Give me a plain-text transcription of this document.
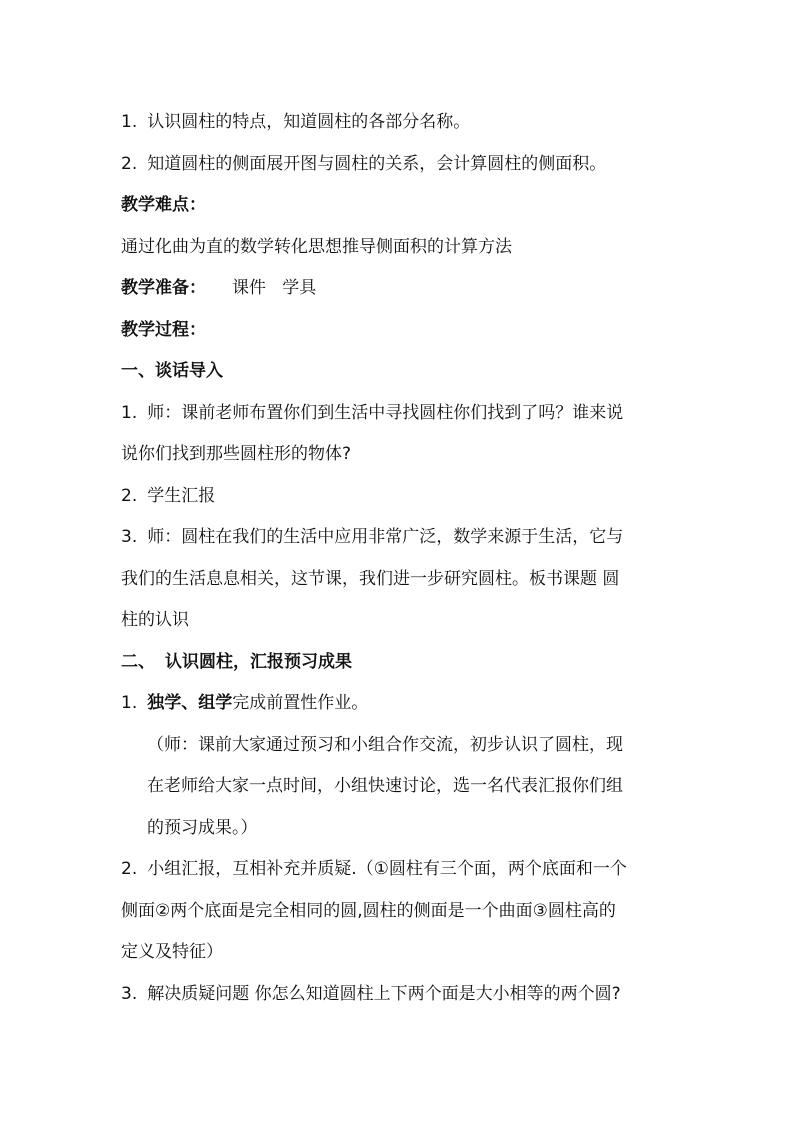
1. 认识圆柱的特点，知道圆柱的各部分名称。
2. 知道圆柱的侧面展开图与圆柱的关系，会计算圆柱的侧面积。
教学难点：
通过化曲为直的数学转化思想推导侧面积的计算方法
教学准备： 课件   学具
教学过程：
一、谈话导入
1. 师：课前老师布置你们到生活中寻找圆柱你们找到了吗？谁来说
说你们找到那些圆柱形的物体?
2. 学生汇报
3. 师：圆柱在我们的生活中应用非常广泛，数学来源于生活，它与
我们的生活息息相关，这节课，我们进一步研究圆柱。板书课题 圆
柱的认识
二、 认识圆柱，汇报预习成果
1. 独学、组学完成前置性作业。
（师：课前大家通过预习和小组合作交流，初步认识了圆柱，现
在老师给大家一点时间，小组快速讨论，选一名代表汇报你们组
的预习成果。）
2. 小组汇报，互相补充并质疑.（①圆柱有三个面，两个底面和一个
侧面②两个底面是完全相同的圆,圆柱的侧面是一个曲面③圆柱高的
定义及特征）
3. 解决质疑问题 你怎么知道圆柱上下两个面是大小相等的两个圆?
